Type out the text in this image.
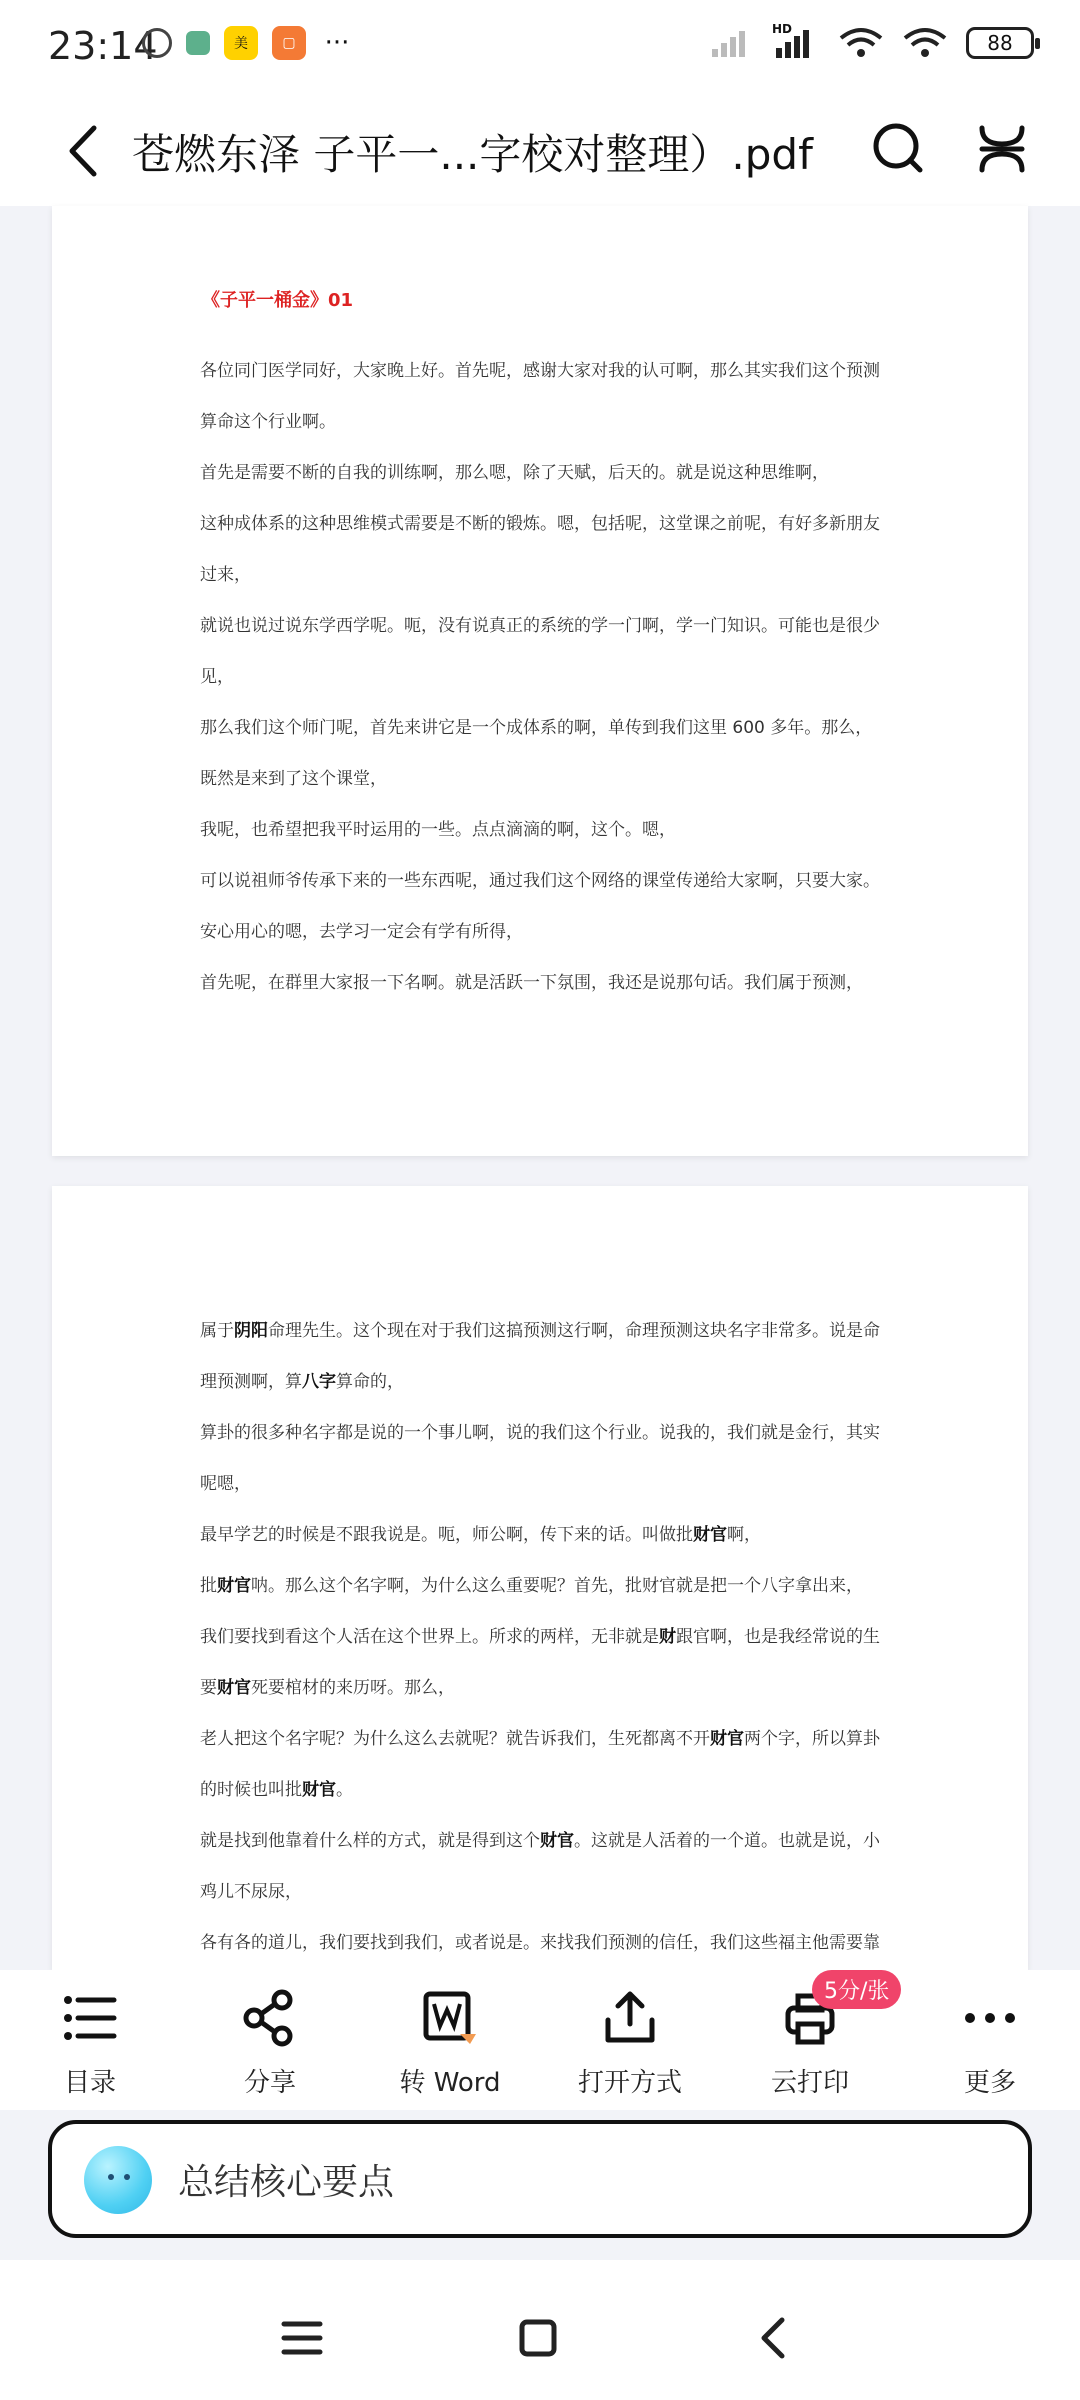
23:14	美	▢	···	HD
88
苍燃东泽 子平一...字校对整理）.pdf
《子平一桶金》01
各位同门医学同好，大家晚上好。首先呢，感谢大家对我的认可啊，那么其实我们这个预测
算命这个行业啊。
首先是需要不断的自我的训练啊，那么嗯，除了天赋，后天的。就是说这种思维啊，
这种成体系的这种思维模式需要是不断的锻炼。嗯，包括呢，这堂课之前呢，有好多新朋友
过来，
就说也说过说东学西学呢。呃，没有说真正的系统的学一门啊，学一门知识。可能也是很少
见，
那么我们这个师门呢，首先来讲它是一个成体系的啊，单传到我们这里 600 多年。那么，
既然是来到了这个课堂，
我呢，也希望把我平时运用的一些。点点滴滴的啊，这个。嗯，
可以说祖师爷传承下来的一些东西呢，通过我们这个网络的课堂传递给大家啊，只要大家。
安心用心的嗯，去学习一定会有学有所得，
首先呢，在群里大家报一下名啊。就是活跃一下氛围，我还是说那句话。我们属于预测，
属于阴阳命理先生。这个现在对于我们这搞预测这行啊，命理预测这块名字非常多。说是命
理预测啊，算八字算命的，
算卦的很多种名字都是说的一个事儿啊，说的我们这个行业。说我的，我们就是金行，其实
呢嗯，
最早学艺的时候是不跟我说是。呃，师公啊，传下来的话。叫做批财官啊，
批财官呐。那么这个名字啊，为什么这么重要呢？首先，批财官就是把一个八字拿出来，
我们要找到看这个人活在这个世界上。所求的两样，无非就是财跟官啊，也是我经常说的生
要财官死要棺材的来历呀。那么，
老人把这个名字呢？为什么这么去就呢？就告诉我们，生死都离不开财官两个字，所以算卦
的时候也叫批财官。
就是找到他靠着什么样的方式，就是得到这个财官。这就是人活着的一个道。也就是说，小
鸡儿不尿尿，
各有各的道儿，我们要找到我们，或者说是。来找我们预测的信任，我们这些福主他需要靠
目录	分享	转 Word	打开方式	云打印
5分/张
更多
总结核心要点
